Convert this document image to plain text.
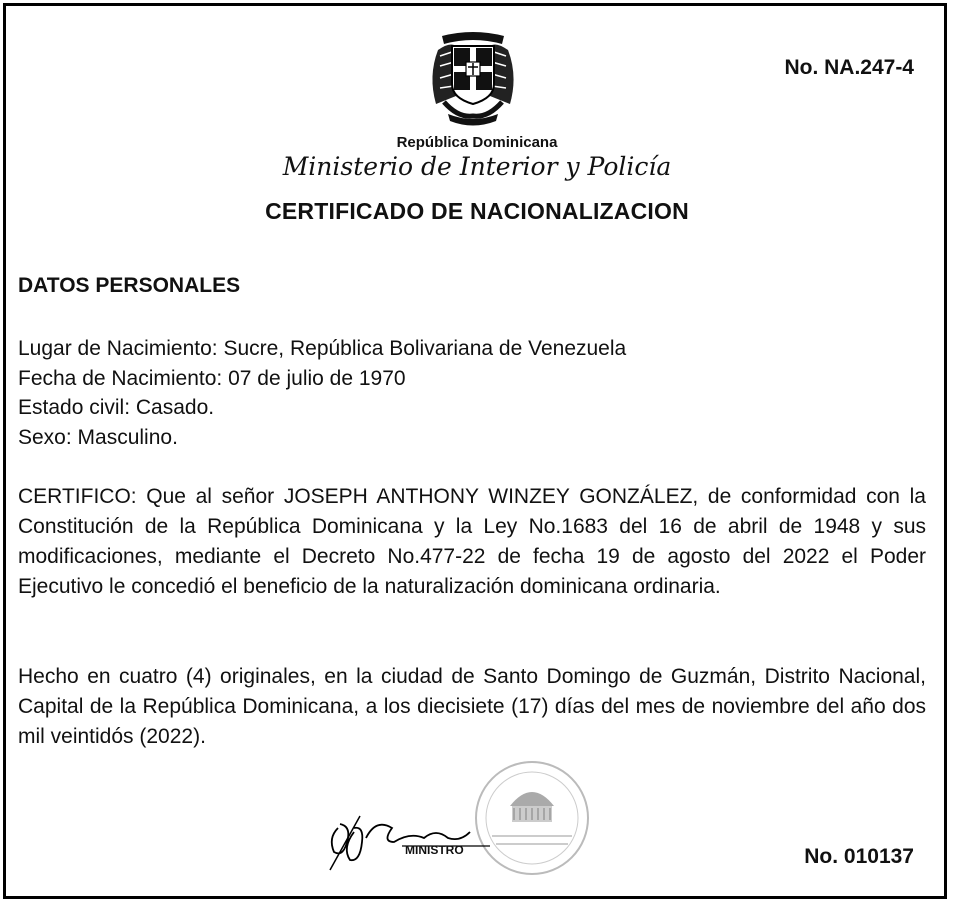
No. NA.247-4
República Dominicana
Ministerio de Interior y Policía
CERTIFICADO DE NACIONALIZACION
DATOS PERSONALES
Lugar de Nacimiento: Sucre, República Bolivariana de Venezuela
Fecha de Nacimiento: 07 de julio de 1970
Estado civil: Casado.
Sexo: Masculino.

CERTIFICO: Que al señor JOSEPH ANTHONY WINZEY GONZÁLEZ, de conformidad con la Constitución de la República Dominicana y la Ley No.1683 del 16 de abril de 1948 y sus modificaciones, mediante el Decreto No.477-22 de fecha 19 de agosto del 2022 el Poder Ejecutivo le concedió el beneficio de la naturalización dominicana ordinaria.

Hecho en cuatro (4) originales, en la ciudad de Santo Domingo de Guzmán, Distrito Nacional, Capital de la República Dominicana, a los diecisiete (17) días del mes de noviembre del año dos mil veintidós (2022).

MINISTRO	No. 010137
